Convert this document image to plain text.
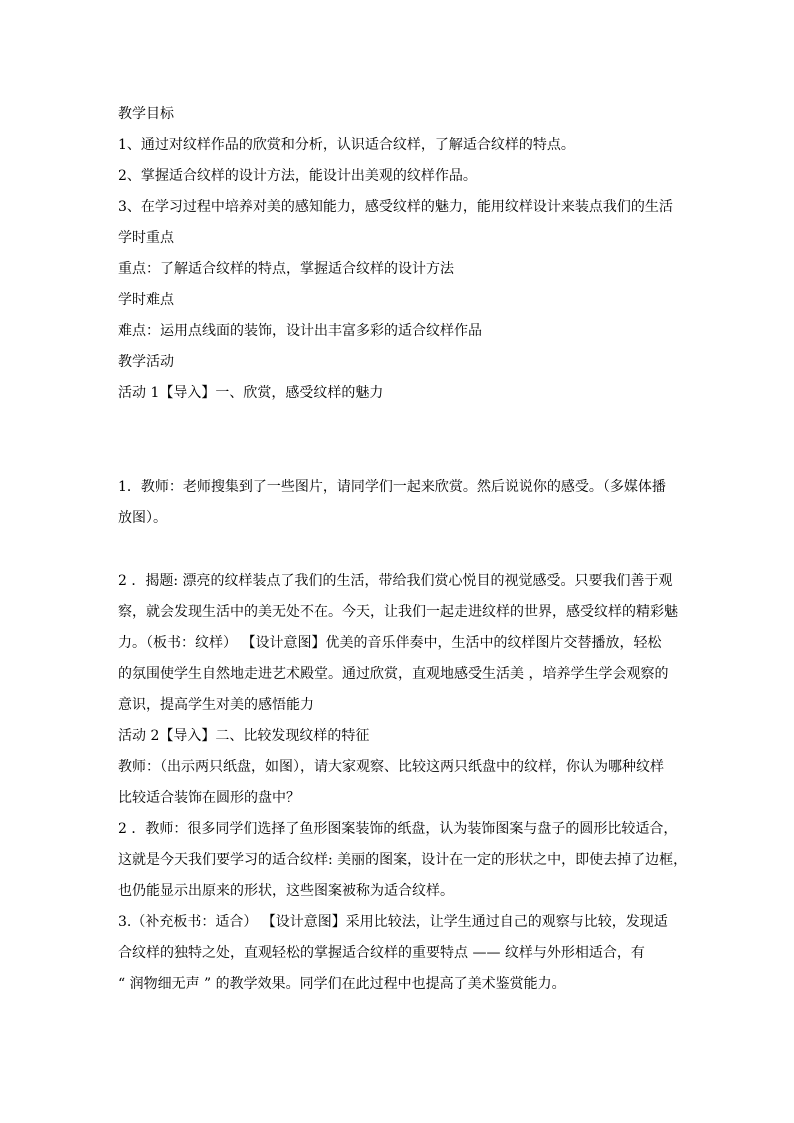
教学目标
1、通过对纹样作品的欣赏和分析，认识适合纹样，了解适合纹样的特点。
2、掌握适合纹样的设计方法，能设计出美观的纹样作品。
3、在学习过程中培养对美的感知能力，感受纹样的魅力，能用纹样设计来装点我们的生活
学时重点
重点：了解适合纹样的特点，掌握适合纹样的设计方法
学时难点
难点：运用点线面的装饰，设计出丰富多彩的适合纹样作品
教学活动
活动 1【导入】一、欣赏，感受纹样的魅力
1．教师：老师搜集到了一些图片，请同学们一起来欣赏。然后说说你的感受。（多媒体播
放图）。
2 ．揭题: 漂亮的纹样装点了我们的生活，带给我们赏心悦目的视觉感受。只要我们善于观
察，就会发现生活中的美无处不在。今天，让我们一起走进纹样的世界，感受纹样的精彩魅
力。（板书：纹样） 【设计意图】优美的音乐伴奏中，生活中的纹样图片交替播放，轻松
的氛围使学生自然地走进艺术殿堂。通过欣赏，直观地感受生活美 ，培养学生学会观察的
意识，提高学生对美的感悟能力
活动 2【导入】二、比较发现纹样的特征
教师：（出示两只纸盘，如图），请大家观察、比较这两只纸盘中的纹样，你认为哪种纹样
比较适合装饰在圆形的盘中？
2 ．教师：很多同学们选择了鱼形图案装饰的纸盘，认为装饰图案与盘子的圆形比较适合，
这就是今天我们要学习的适合纹样: 美丽的图案，设计在一定的形状之中，即使去掉了边框，
也仍能显示出原来的形状，这些图案被称为适合纹样。
3.（补充板书：适合） 【设计意图】采用比较法，让学生通过自己的观察与比较，发现适
合纹样的独特之处，直观轻松的掌握适合纹样的重要特点 —— 纹样与外形相适合，有
“ 润物细无声 ” 的教学效果。同学们在此过程中也提高了美术鉴赏能力。
